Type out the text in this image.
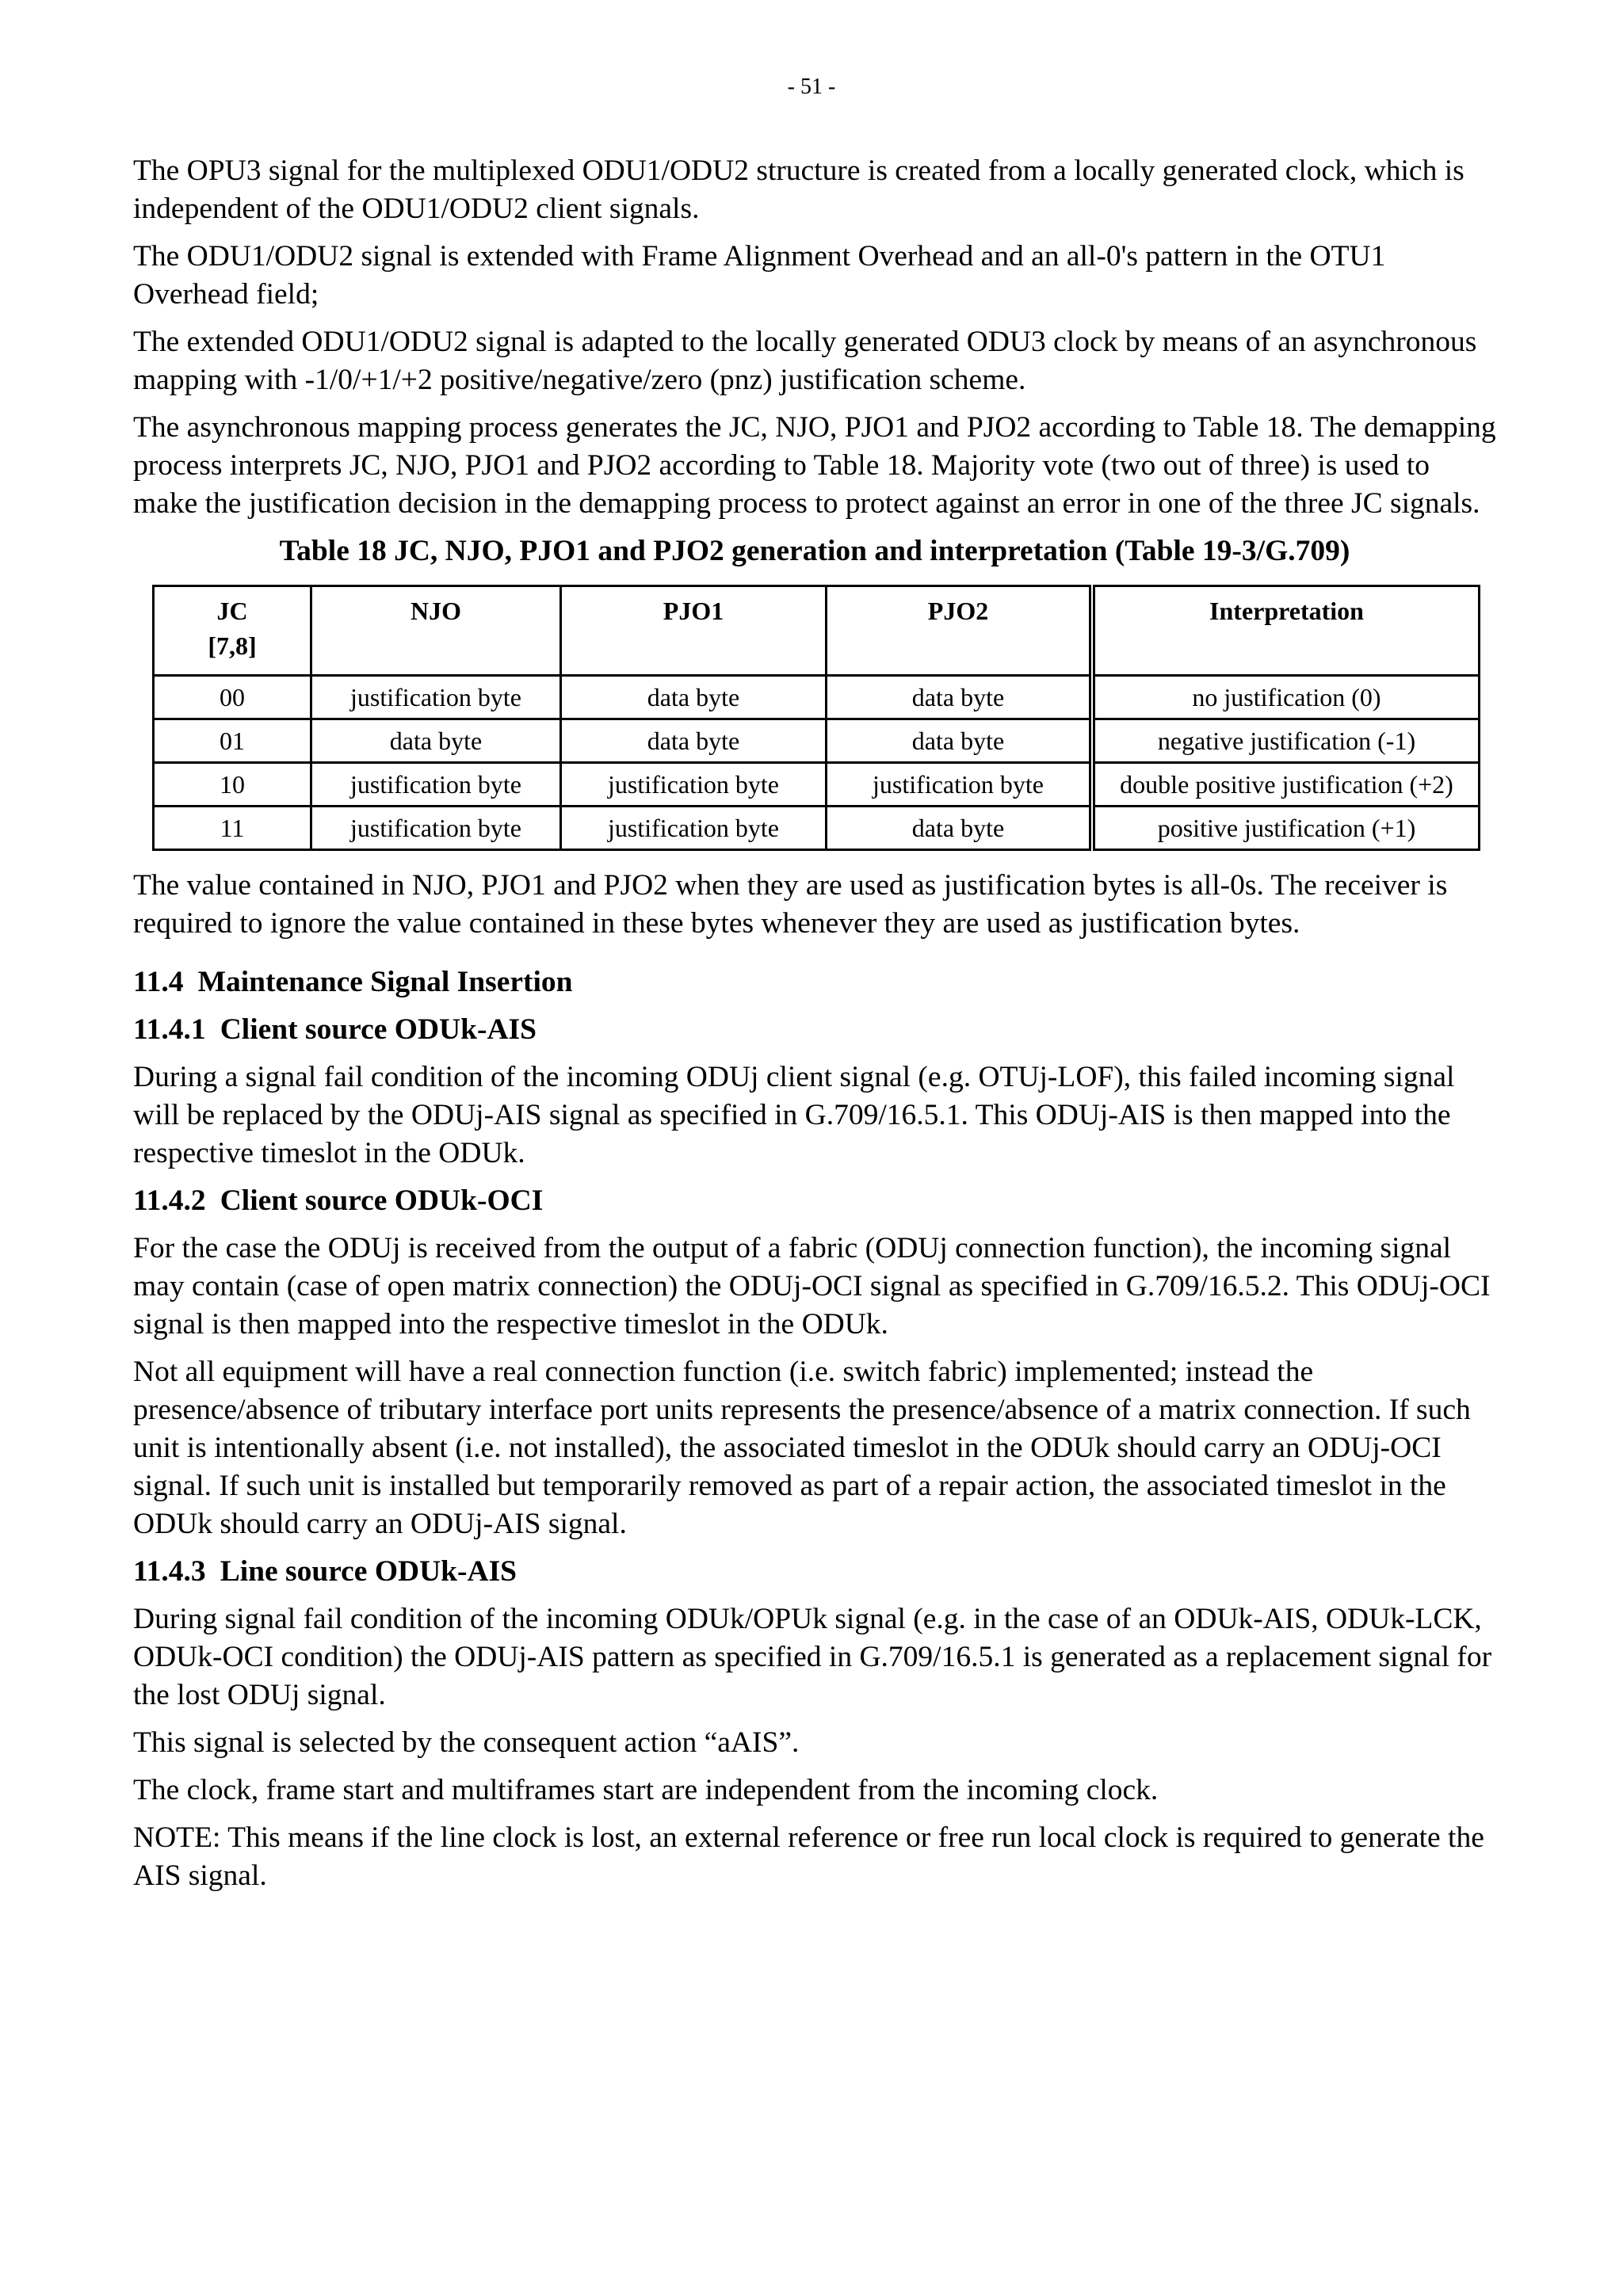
- 51 -

The OPU3 signal for the multiplexed ODU1/ODU2 structure is created from a locally generated clock, which is independent of the ODU1/ODU2 client signals.

The ODU1/ODU2 signal is extended with Frame Alignment Overhead and an all-0's pattern in the OTU1 Overhead field;

The extended ODU1/ODU2 signal is adapted to the locally generated ODU3 clock by means of an asynchronous mapping with -1/0/+1/+2 positive/negative/zero (pnz) justification scheme.

The asynchronous mapping process generates the JC, NJO, PJO1 and PJO2 according to Table 18. The demapping process interprets JC, NJO, PJO1 and PJO2 according to Table 18. Majority vote (two out of three) is used to make the justification decision in the demapping process to protect against an error in one of the three JC signals.

Table 18 JC, NJO, PJO1 and PJO2 generation and interpretation (Table 19-3/G.709)
JC
[7,8]	NJO	PJO1	PJO2	Interpretation
00	justification byte	data byte	data byte	no justification (0)
01	data byte	data byte	data byte	negative justification (-1)
10	justification byte	justification byte	justification byte	double positive justification (+2)
11	justification byte	justification byte	data byte	positive justification (+1)

The value contained in NJO, PJO1 and PJO2 when they are used as justification bytes is all-0s. The receiver is required to ignore the value contained in these bytes whenever they are used as justification bytes.

11.4 Maintenance Signal Insertion
11.4.1 Client source ODUk-AIS

During a signal fail condition of the incoming ODUj client signal (e.g. OTUj-LOF), this failed incoming signal will be replaced by the ODUj-AIS signal as specified in G.709/16.5.1. This ODUj-AIS is then mapped into the respective timeslot in the ODUk.

11.4.2 Client source ODUk-OCI

For the case the ODUj is received from the output of a fabric (ODUj connection function), the incoming signal may contain (case of open matrix connection) the ODUj-OCI signal as specified in G.709/16.5.2. This ODUj-OCI signal is then mapped into the respective timeslot in the ODUk.

Not all equipment will have a real connection function (i.e. switch fabric) implemented; instead the presence/absence of tributary interface port units represents the presence/absence of a matrix connection. If such unit is intentionally absent (i.e. not installed), the associated timeslot in the ODUk should carry an ODUj-OCI signal. If such unit is installed but temporarily removed as part of a repair action, the associated timeslot in the ODUk should carry an ODUj-AIS signal.

11.4.3 Line source ODUk-AIS

During signal fail condition of the incoming ODUk/OPUk signal (e.g. in the case of an ODUk-AIS, ODUk-LCK, ODUk-OCI condition) the ODUj-AIS pattern as specified in G.709/16.5.1 is generated as a replacement signal for the lost ODUj signal.

This signal is selected by the consequent action “aAIS”.

The clock, frame start and multiframes start are independent from the incoming clock.

NOTE: This means if the line clock is lost, an external reference or free run local clock is required to generate the AIS signal.
